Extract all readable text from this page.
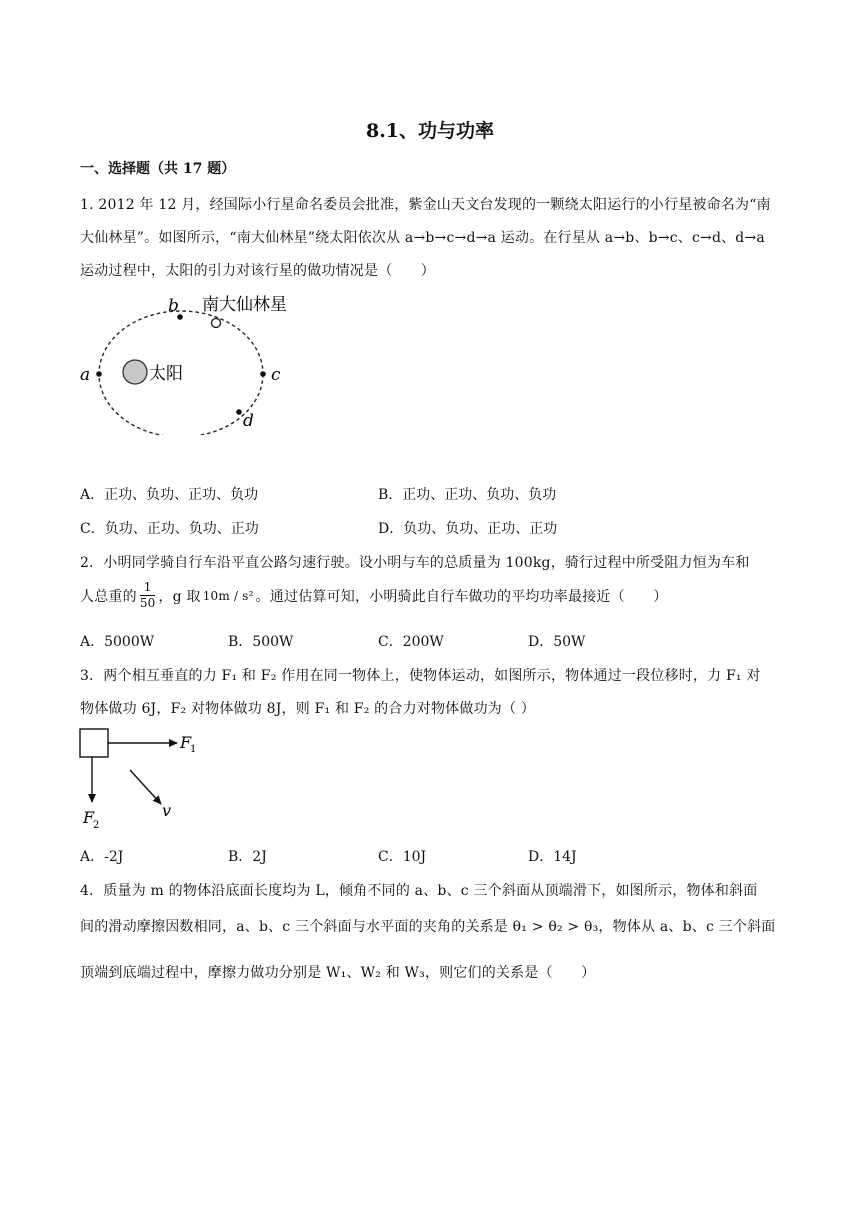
8.1、功与功率
一、选择题（共 17 题）
1. 2012 年 12 月，经国际小行星命名委员会批准，紫金山天文台发现的一颗绕太阳运行的小行星被命名为“南
大仙林星”。如图所示，“南大仙林星”绕太阳依次从 a→b→c→d→a 运动。在行星从 a→b、b→c、c→d、d→a
运动过程中，太阳的引力对该行星的做功情况是（　　）
太阳
a
b
c
d
南大仙林星
A．正功、负功、正功、负功	B．正功、正功、负功、负功
C．负功、正功、负功、正功	D．负功、负功、正功、正功
2．小明同学骑自行车沿平直公路匀速行驶。设小明与车的总质量为 100kg，骑行过程中所受阻力恒为车和
人总重的 $\frac{1}{50}$ ，g 取 10m / s² 。通过估算可知，小明骑此自行车做功的平均功率最接近（　　）
A．5000W	B．500W	C．200W	D．50W
3．两个相互垂直的力 F₁ 和 F₂ 作用在同一物体上，使物体运动，如图所示，物体通过一段位移时，力 F₁ 对
物体做功 6J，F₂ 对物体做功 8J，则 F₁ 和 F₂ 的合力对物体做功为（ ）
F
1
F
2
v
A．-2J	B．2J	C．10J	D．14J
4．质量为 m 的物体沿底面长度均为 L，倾角不同的 a、b、c 三个斜面从顶端滑下，如图所示，物体和斜面
间的滑动摩擦因数相同，a、b、c 三个斜面与水平面的夹角的关系是 θ₁ > θ₂ > θ₃，物体从 a、b、c 三个斜面
顶端到底端过程中，摩擦力做功分别是 W₁、W₂ 和 W₃，则它们的关系是（　　）
